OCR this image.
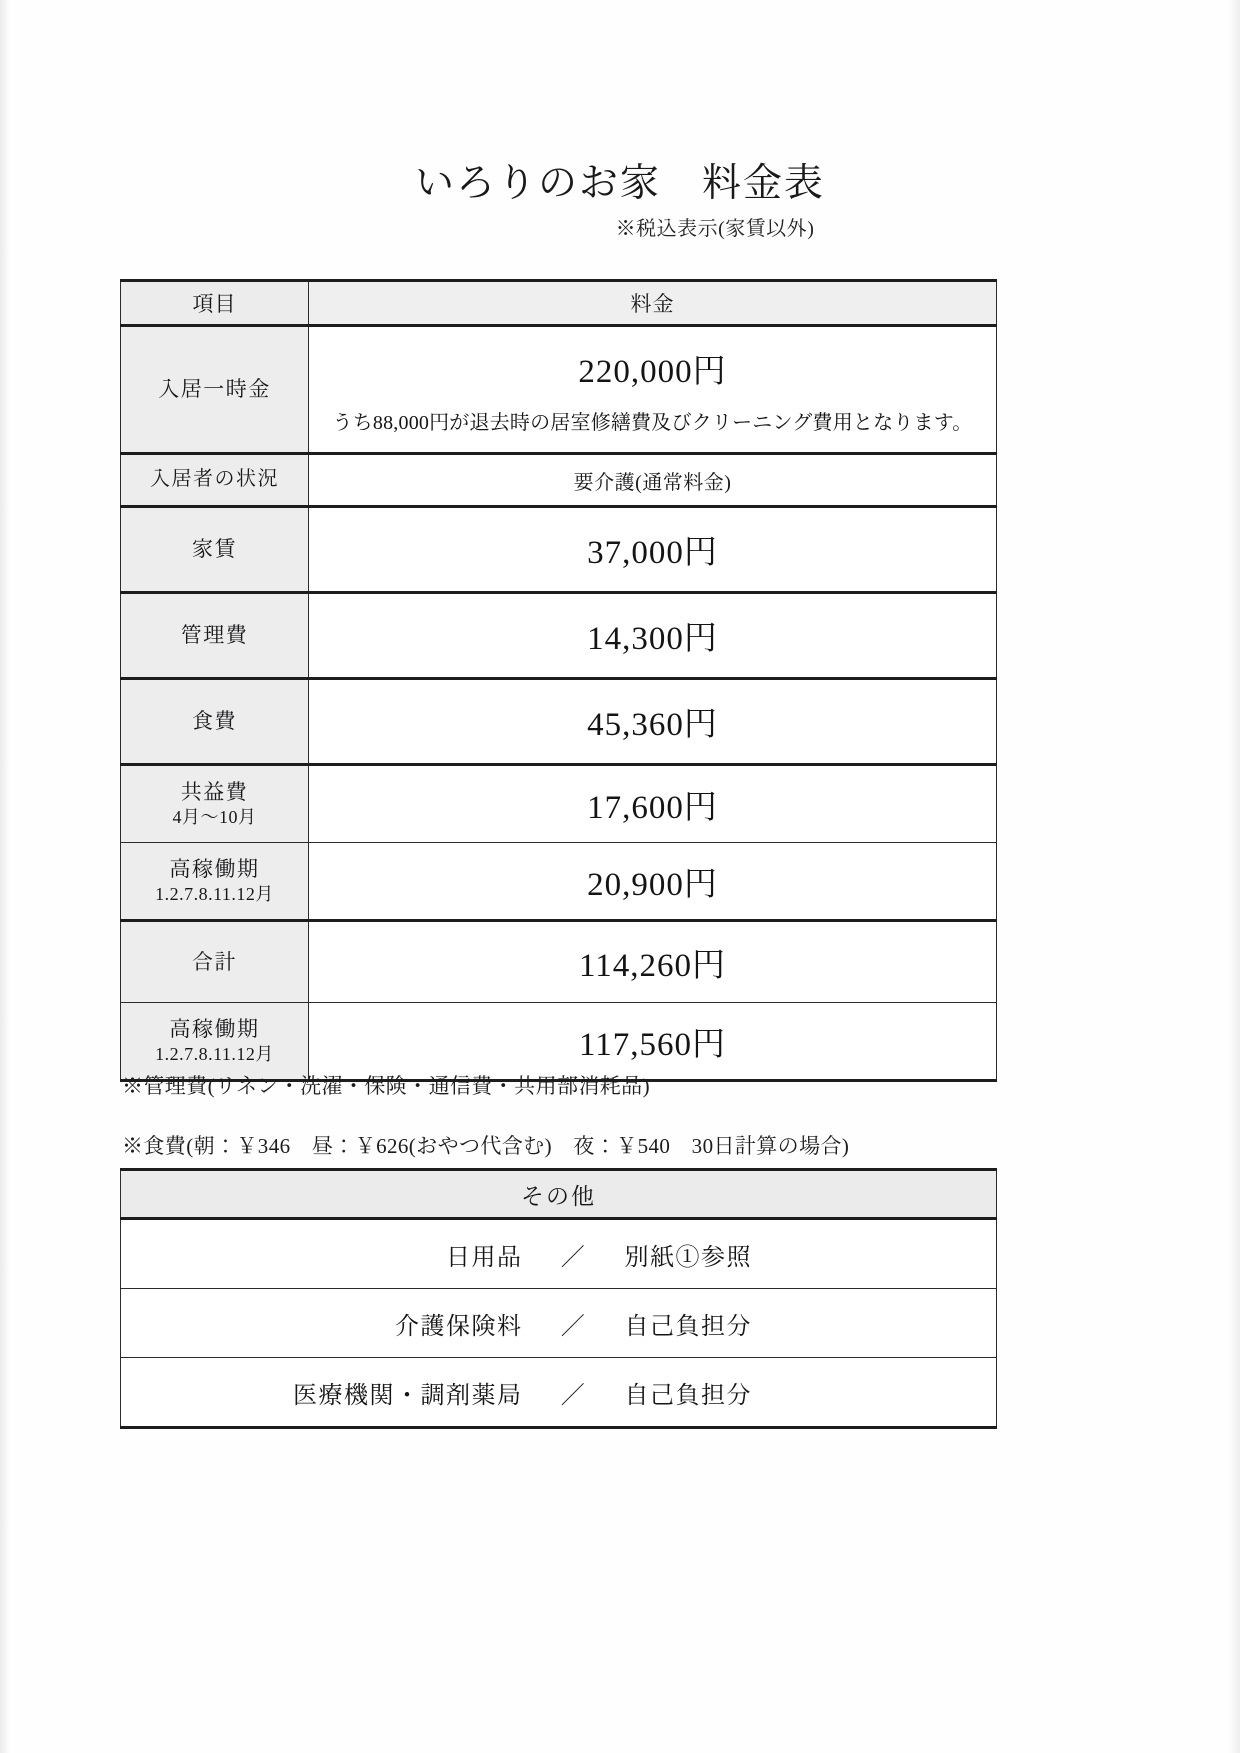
いろりのお家　料金表
※税込表示(家賃以外)
項目	料金
入居一時金	220,000円
うち88,000円が退去時の居室修繕費及びクリーニング費用となります。

入居者の状況	要介護(通常料金)

家賃	37,000円

管理費	14,300円

食費	45,360円

共益費
4月〜10月	17,600円

高稼働期
1.2.7.8.11.12月	20,900円

合計	114,260円

高稼働期
1.2.7.8.11.12月	117,560円
※管理費(リネン・洗濯・保険・通信費・共用部消耗品)
※食費(朝：￥346　昼：￥626(おやつ代含む)　夜：￥540　30日計算の場合)
その他

日用品	／	別紙①参照

介護保険料	／	自己負担分

医療機関・調剤薬局	／	自己負担分
